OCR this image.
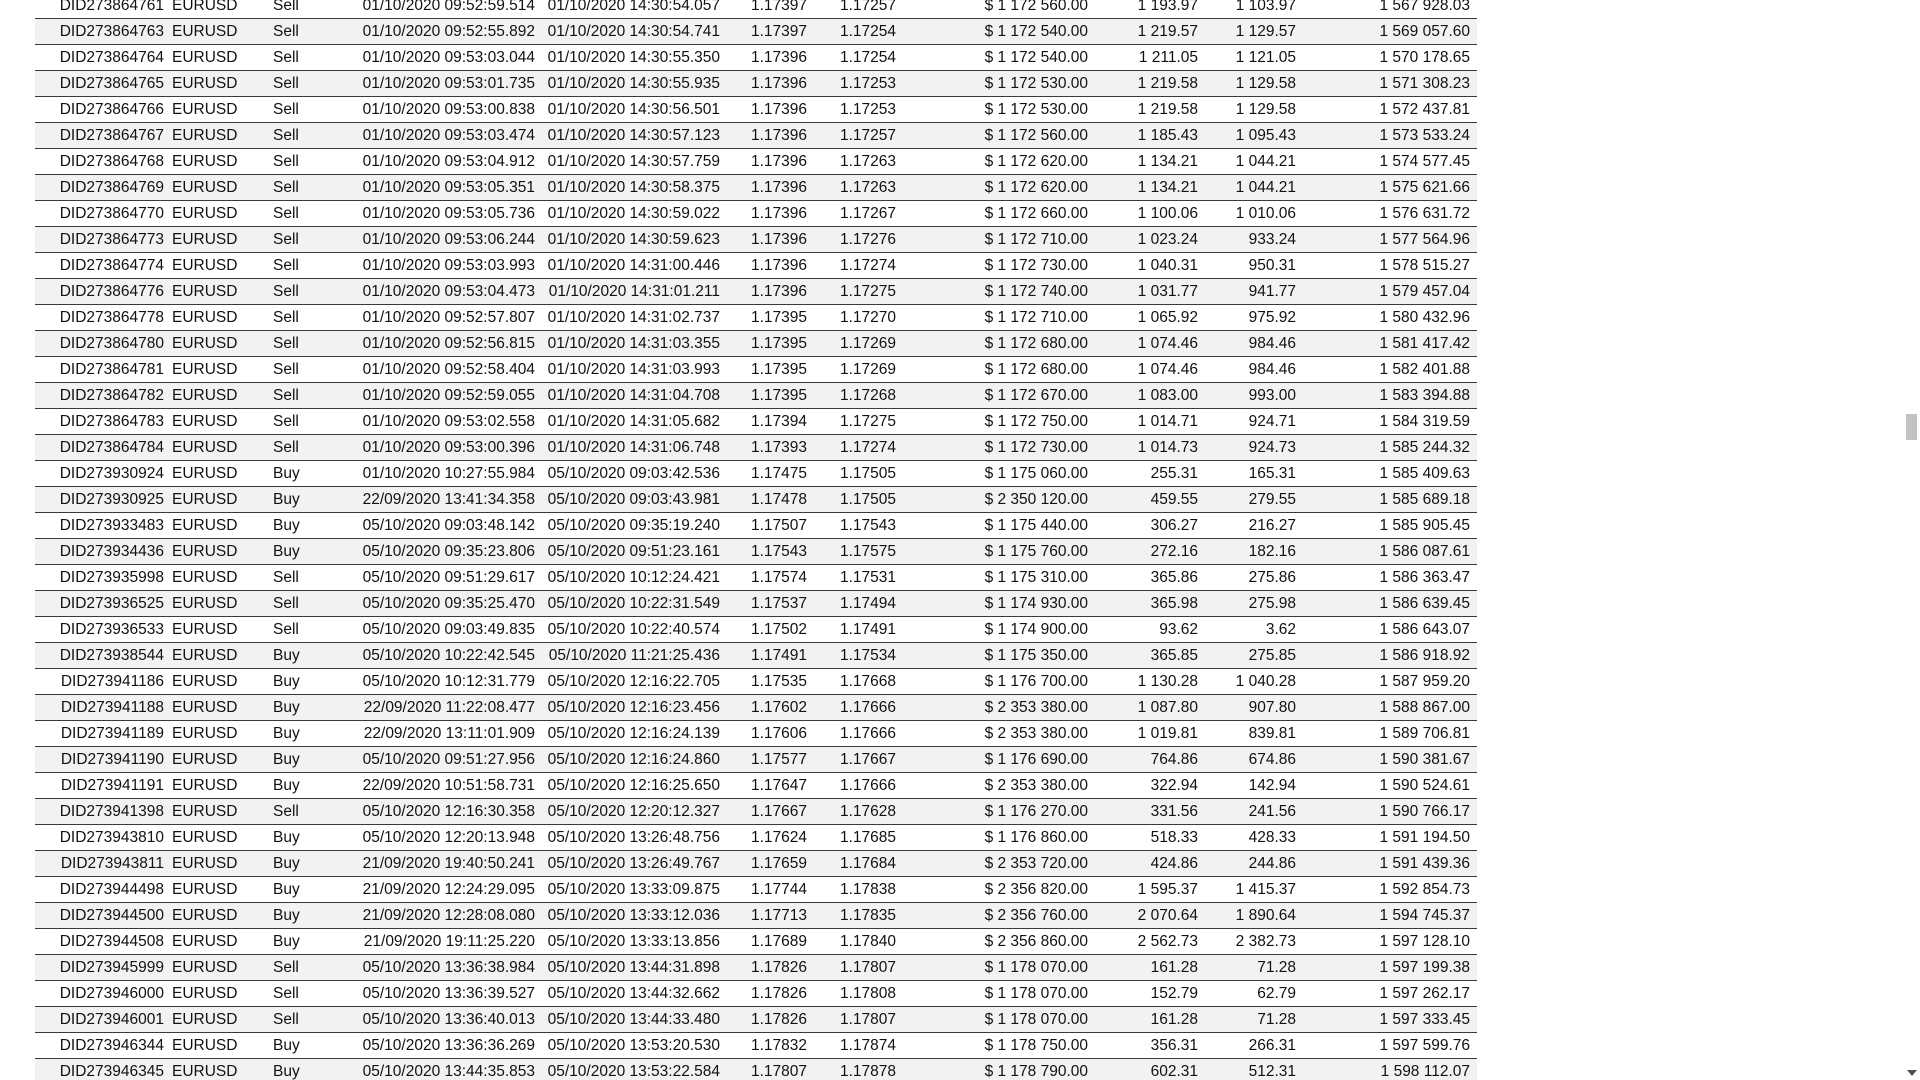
DID273864761	EURUSD	Sell	01/10/2020 09:52:59.514	01/10/2020 14:30:54.057	1.17397	1.17257	$ 1 172 560.00	1 193.97	1 103.97	1 567 928.03
DID273864763	EURUSD	Sell	01/10/2020 09:52:55.892	01/10/2020 14:30:54.741	1.17397	1.17254	$ 1 172 540.00	1 219.57	1 129.57	1 569 057.60
DID273864764	EURUSD	Sell	01/10/2020 09:53:03.044	01/10/2020 14:30:55.350	1.17396	1.17254	$ 1 172 540.00	1 211.05	1 121.05	1 570 178.65
DID273864765	EURUSD	Sell	01/10/2020 09:53:01.735	01/10/2020 14:30:55.935	1.17396	1.17253	$ 1 172 530.00	1 219.58	1 129.58	1 571 308.23
DID273864766	EURUSD	Sell	01/10/2020 09:53:00.838	01/10/2020 14:30:56.501	1.17396	1.17253	$ 1 172 530.00	1 219.58	1 129.58	1 572 437.81
DID273864767	EURUSD	Sell	01/10/2020 09:53:03.474	01/10/2020 14:30:57.123	1.17396	1.17257	$ 1 172 560.00	1 185.43	1 095.43	1 573 533.24
DID273864768	EURUSD	Sell	01/10/2020 09:53:04.912	01/10/2020 14:30:57.759	1.17396	1.17263	$ 1 172 620.00	1 134.21	1 044.21	1 574 577.45
DID273864769	EURUSD	Sell	01/10/2020 09:53:05.351	01/10/2020 14:30:58.375	1.17396	1.17263	$ 1 172 620.00	1 134.21	1 044.21	1 575 621.66
DID273864770	EURUSD	Sell	01/10/2020 09:53:05.736	01/10/2020 14:30:59.022	1.17396	1.17267	$ 1 172 660.00	1 100.06	1 010.06	1 576 631.72
DID273864773	EURUSD	Sell	01/10/2020 09:53:06.244	01/10/2020 14:30:59.623	1.17396	1.17276	$ 1 172 710.00	1 023.24	933.24	1 577 564.96
DID273864774	EURUSD	Sell	01/10/2020 09:53:03.993	01/10/2020 14:31:00.446	1.17396	1.17274	$ 1 172 730.00	1 040.31	950.31	1 578 515.27
DID273864776	EURUSD	Sell	01/10/2020 09:53:04.473	01/10/2020 14:31:01.211	1.17396	1.17275	$ 1 172 740.00	1 031.77	941.77	1 579 457.04
DID273864778	EURUSD	Sell	01/10/2020 09:52:57.807	01/10/2020 14:31:02.737	1.17395	1.17270	$ 1 172 710.00	1 065.92	975.92	1 580 432.96
DID273864780	EURUSD	Sell	01/10/2020 09:52:56.815	01/10/2020 14:31:03.355	1.17395	1.17269	$ 1 172 680.00	1 074.46	984.46	1 581 417.42
DID273864781	EURUSD	Sell	01/10/2020 09:52:58.404	01/10/2020 14:31:03.993	1.17395	1.17269	$ 1 172 680.00	1 074.46	984.46	1 582 401.88
DID273864782	EURUSD	Sell	01/10/2020 09:52:59.055	01/10/2020 14:31:04.708	1.17395	1.17268	$ 1 172 670.00	1 083.00	993.00	1 583 394.88
DID273864783	EURUSD	Sell	01/10/2020 09:53:02.558	01/10/2020 14:31:05.682	1.17394	1.17275	$ 1 172 750.00	1 014.71	924.71	1 584 319.59
DID273864784	EURUSD	Sell	01/10/2020 09:53:00.396	01/10/2020 14:31:06.748	1.17393	1.17274	$ 1 172 730.00	1 014.73	924.73	1 585 244.32
DID273930924	EURUSD	Buy	01/10/2020 10:27:55.984	05/10/2020 09:03:42.536	1.17475	1.17505	$ 1 175 060.00	255.31	165.31	1 585 409.63
DID273930925	EURUSD	Buy	22/09/2020 13:41:34.358	05/10/2020 09:03:43.981	1.17478	1.17505	$ 2 350 120.00	459.55	279.55	1 585 689.18
DID273933483	EURUSD	Buy	05/10/2020 09:03:48.142	05/10/2020 09:35:19.240	1.17507	1.17543	$ 1 175 440.00	306.27	216.27	1 585 905.45
DID273934436	EURUSD	Buy	05/10/2020 09:35:23.806	05/10/2020 09:51:23.161	1.17543	1.17575	$ 1 175 760.00	272.16	182.16	1 586 087.61
DID273935998	EURUSD	Sell	05/10/2020 09:51:29.617	05/10/2020 10:12:24.421	1.17574	1.17531	$ 1 175 310.00	365.86	275.86	1 586 363.47
DID273936525	EURUSD	Sell	05/10/2020 09:35:25.470	05/10/2020 10:22:31.549	1.17537	1.17494	$ 1 174 930.00	365.98	275.98	1 586 639.45
DID273936533	EURUSD	Sell	05/10/2020 09:03:49.835	05/10/2020 10:22:40.574	1.17502	1.17491	$ 1 174 900.00	93.62	3.62	1 586 643.07
DID273938544	EURUSD	Buy	05/10/2020 10:22:42.545	05/10/2020 11:21:25.436	1.17491	1.17534	$ 1 175 350.00	365.85	275.85	1 586 918.92
DID273941186	EURUSD	Buy	05/10/2020 10:12:31.779	05/10/2020 12:16:22.705	1.17535	1.17668	$ 1 176 700.00	1 130.28	1 040.28	1 587 959.20
DID273941188	EURUSD	Buy	22/09/2020 11:22:08.477	05/10/2020 12:16:23.456	1.17602	1.17666	$ 2 353 380.00	1 087.80	907.80	1 588 867.00
DID273941189	EURUSD	Buy	22/09/2020 13:11:01.909	05/10/2020 12:16:24.139	1.17606	1.17666	$ 2 353 380.00	1 019.81	839.81	1 589 706.81
DID273941190	EURUSD	Buy	05/10/2020 09:51:27.956	05/10/2020 12:16:24.860	1.17577	1.17667	$ 1 176 690.00	764.86	674.86	1 590 381.67
DID273941191	EURUSD	Buy	22/09/2020 10:51:58.731	05/10/2020 12:16:25.650	1.17647	1.17666	$ 2 353 380.00	322.94	142.94	1 590 524.61
DID273941398	EURUSD	Sell	05/10/2020 12:16:30.358	05/10/2020 12:20:12.327	1.17667	1.17628	$ 1 176 270.00	331.56	241.56	1 590 766.17
DID273943810	EURUSD	Buy	05/10/2020 12:20:13.948	05/10/2020 13:26:48.756	1.17624	1.17685	$ 1 176 860.00	518.33	428.33	1 591 194.50
DID273943811	EURUSD	Buy	21/09/2020 19:40:50.241	05/10/2020 13:26:49.767	1.17659	1.17684	$ 2 353 720.00	424.86	244.86	1 591 439.36
DID273944498	EURUSD	Buy	21/09/2020 12:24:29.095	05/10/2020 13:33:09.875	1.17744	1.17838	$ 2 356 820.00	1 595.37	1 415.37	1 592 854.73
DID273944500	EURUSD	Buy	21/09/2020 12:28:08.080	05/10/2020 13:33:12.036	1.17713	1.17835	$ 2 356 760.00	2 070.64	1 890.64	1 594 745.37
DID273944508	EURUSD	Buy	21/09/2020 19:11:25.220	05/10/2020 13:33:13.856	1.17689	1.17840	$ 2 356 860.00	2 562.73	2 382.73	1 597 128.10
DID273945999	EURUSD	Sell	05/10/2020 13:36:38.984	05/10/2020 13:44:31.898	1.17826	1.17807	$ 1 178 070.00	161.28	71.28	1 597 199.38
DID273946000	EURUSD	Sell	05/10/2020 13:36:39.527	05/10/2020 13:44:32.662	1.17826	1.17808	$ 1 178 070.00	152.79	62.79	1 597 262.17
DID273946001	EURUSD	Sell	05/10/2020 13:36:40.013	05/10/2020 13:44:33.480	1.17826	1.17807	$ 1 178 070.00	161.28	71.28	1 597 333.45
DID273946344	EURUSD	Buy	05/10/2020 13:36:36.269	05/10/2020 13:53:20.530	1.17832	1.17874	$ 1 178 750.00	356.31	266.31	1 597 599.76
DID273946345	EURUSD	Buy	05/10/2020 13:44:35.853	05/10/2020 13:53:22.584	1.17807	1.17878	$ 1 178 790.00	602.31	512.31	1 598 112.07
